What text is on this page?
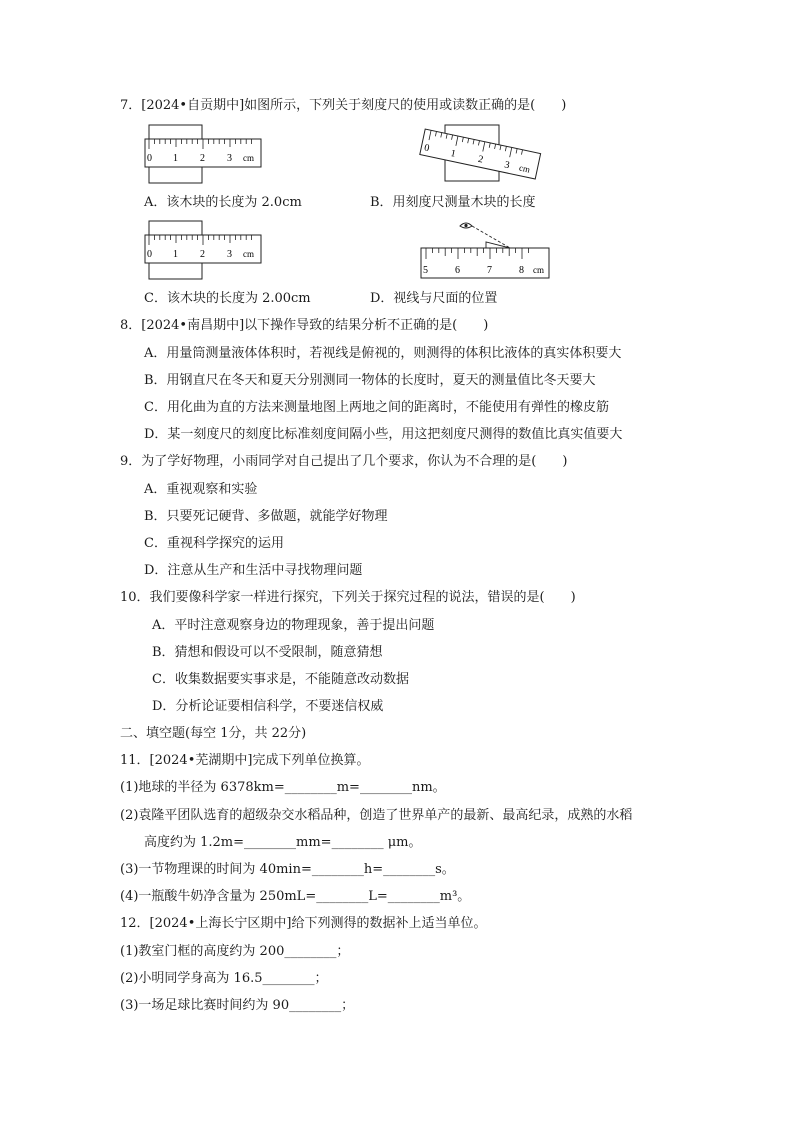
7．[2024•自贡期中]如图所示，下列关于刻度尺的使用或读数正确的是(　　)
0 1 2 3 cm
0 1 2 3 cm
A．该木块的长度为 2.0cm	B．用刻度尺测量木块的长度
0 1 2 3 cm
5	6	7	8 cm
C．该木块的长度为 2.00cm	D．视线与尺面的位置
8．[2024•南昌期中]以下操作导致的结果分析不正确的是(　　)
A．用量筒测量液体体积时，若视线是俯视的，则测得的体积比液体的真实体积要大
B．用钢直尺在冬天和夏天分别测同一物体的长度时，夏天的测量值比冬天要大
C．用化曲为直的方法来测量地图上两地之间的距离时，不能使用有弹性的橡皮筋
D．某一刻度尺的刻度比标准刻度间隔小些，用这把刻度尺测得的数值比真实值要大
9．为了学好物理，小雨同学对自己提出了几个要求，你认为不合理的是(　　)
A．重视观察和实验
B．只要死记硬背、多做题，就能学好物理
C．重视科学探究的运用
D．注意从生产和生活中寻找物理问题
10．我们要像科学家一样进行探究，下列关于探究过程的说法，错误的是(　　)
A．平时注意观察身边的物理现象，善于提出问题
B．猜想和假设可以不受限制，随意猜想
C．收集数据要实事求是，不能随意改动数据
D．分析论证要相信科学，不要迷信权威
二、填空题(每空 1分，共 22分)
11．[2024•芜湖期中]完成下列单位换算。
(1)地球的半径为 6378km=________m=________nm。
(2)袁隆平团队选育的超级杂交水稻品种，创造了世界单产的最新、最高纪录，成熟的水稻
高度约为 1.2m=________mm=________ μm。
(3)一节物理课的时间为 40min=________h=________s。
(4)一瓶酸牛奶净含量为 250mL=________L=________m³。
12．[2024•上海长宁区期中]给下列测得的数据补上适当单位。
(1)教室门框的高度约为 200________；
(2)小明同学身高为 16.5________；
(3)一场足球比赛时间约为 90________；
